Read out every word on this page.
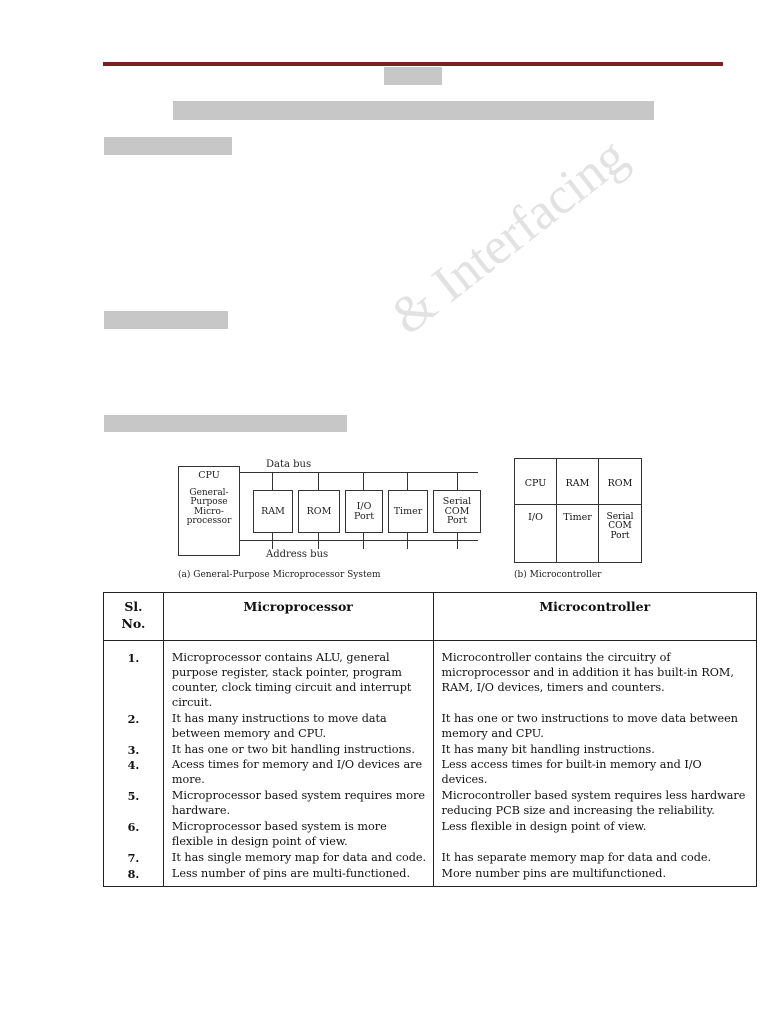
& Interfacing
CPU
General-
Purpose
Micro-
processor
Data bus
Address bus
RAM	ROM	I/O
Port	Timer
Serial
COM
Port
(a) General-Purpose Microprocessor System
CPU	RAM	ROM
I/O	Timer	Serial
COM
Port
(b) Microcontroller
Sl.
No.	Microprocessor	Microcontroller
1.	Microprocessor contains ALU, general purpose register, stack pointer, program counter, clock timing circuit and interrupt circuit.	Microcontroller contains the circuitry of microprocessor and in addition it has built-in ROM, RAM, I/O devices, timers and counters.
2.	It has many instructions to move data between memory and CPU.	It has one or two instructions to move data between memory and CPU.
3.	It has one or two bit handling instructions.	It has many bit handling instructions.
4.	Acess times for memory and I/O devices are more.	Less access times for built-in memory and I/O devices.
5.	Microprocessor based system requires more hardware.	Microcontroller based system requires less hardware reducing PCB size and increasing the reliability.
6.	Microprocessor based system is more flexible in design point of view.	Less flexible in design point of view.
7.	It has single memory map for data and code.	It has separate memory map for data and code.
8.	Less number of pins are multi-functioned.	More number pins are multifunctioned.
